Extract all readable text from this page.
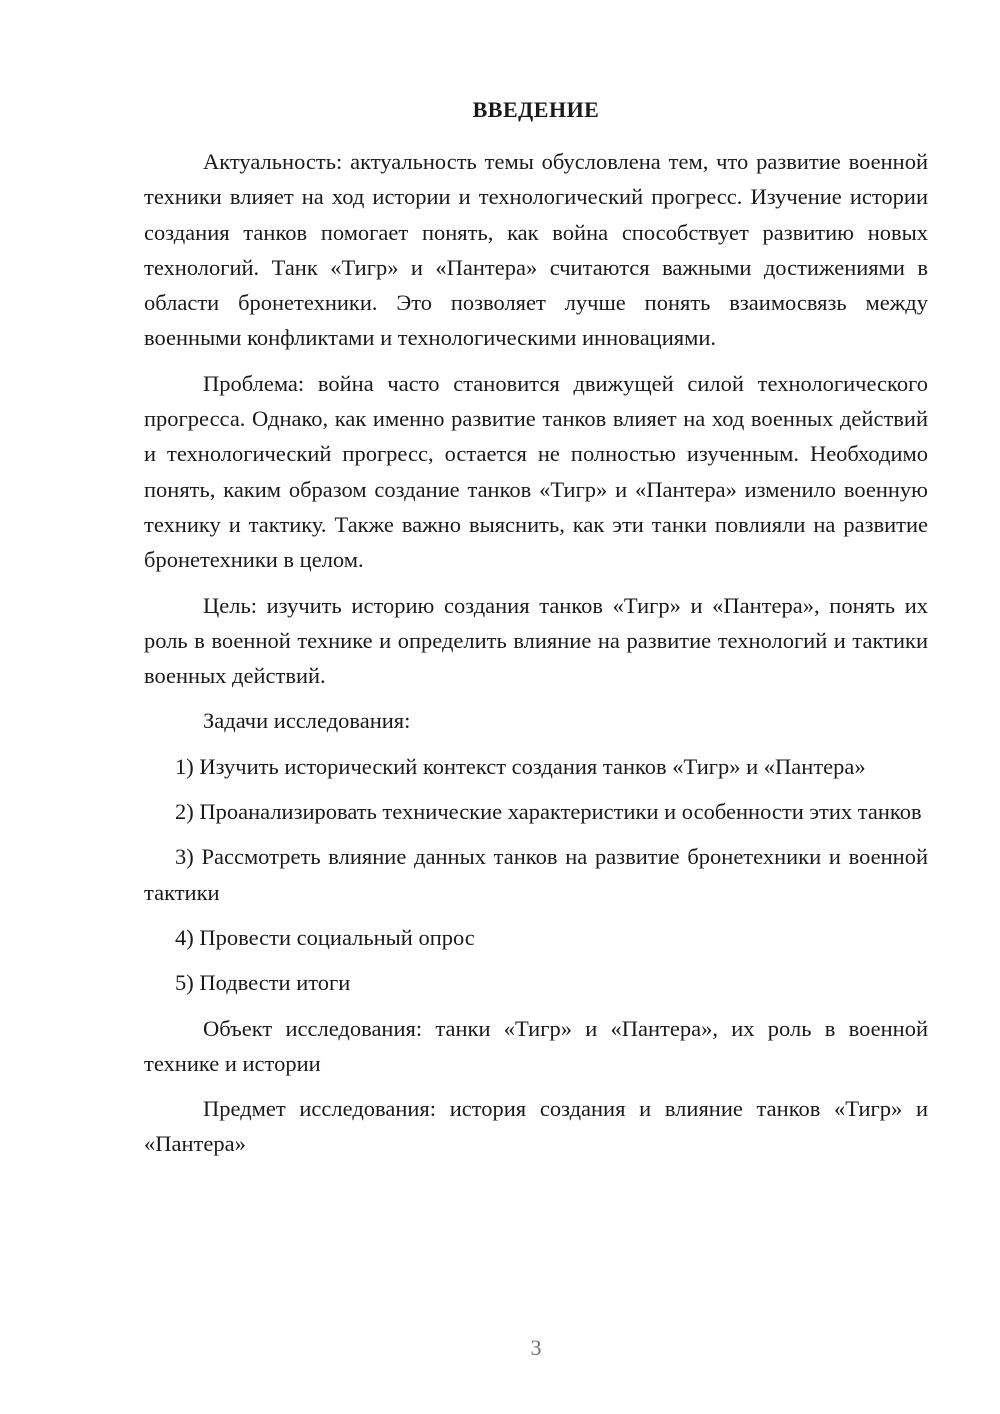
ВВЕДЕНИЕ

Актуальность: актуальность темы обусловлена тем, что развитие военной техники влияет на ход истории и технологический прогресс. Изучение истории создания танков помогает понять, как война способствует развитию новых технологий. Танк «Тигр» и «Пантера» считаются важными достижениями в области бронетехники. Это позволяет лучше понять взаимосвязь между военными конфликтами и технологическими инновациями.

Проблема: война часто становится движущей силой технологического прогресса. Однако, как именно развитие танков влияет на ход военных действий и технологический прогресс, остается не полностью изученным. Необходимо понять, каким образом создание танков «Тигр» и «Пантера» изменило военную технику и тактику. Также важно выяснить, как эти танки повлияли на развитие бронетехники в целом.

Цель: изучить историю создания танков «Тигр» и «Пантера», понять их роль в военной технике и определить влияние на развитие технологий и тактики военных действий.

Задачи исследования:

1) Изучить исторический контекст создания танков «Тигр» и «Пантера»

2) Проанализировать технические характеристики и особенности этих танков

3) Рассмотреть влияние данных танков на развитие бронетехники и военной тактики

4) Провести социальный опрос

5) Подвести итоги

Объект исследования: танки «Тигр» и «Пантера», их роль в военной технике и истории

Предмет исследования: история создания и влияние танков «Тигр» и «Пантера»

3
